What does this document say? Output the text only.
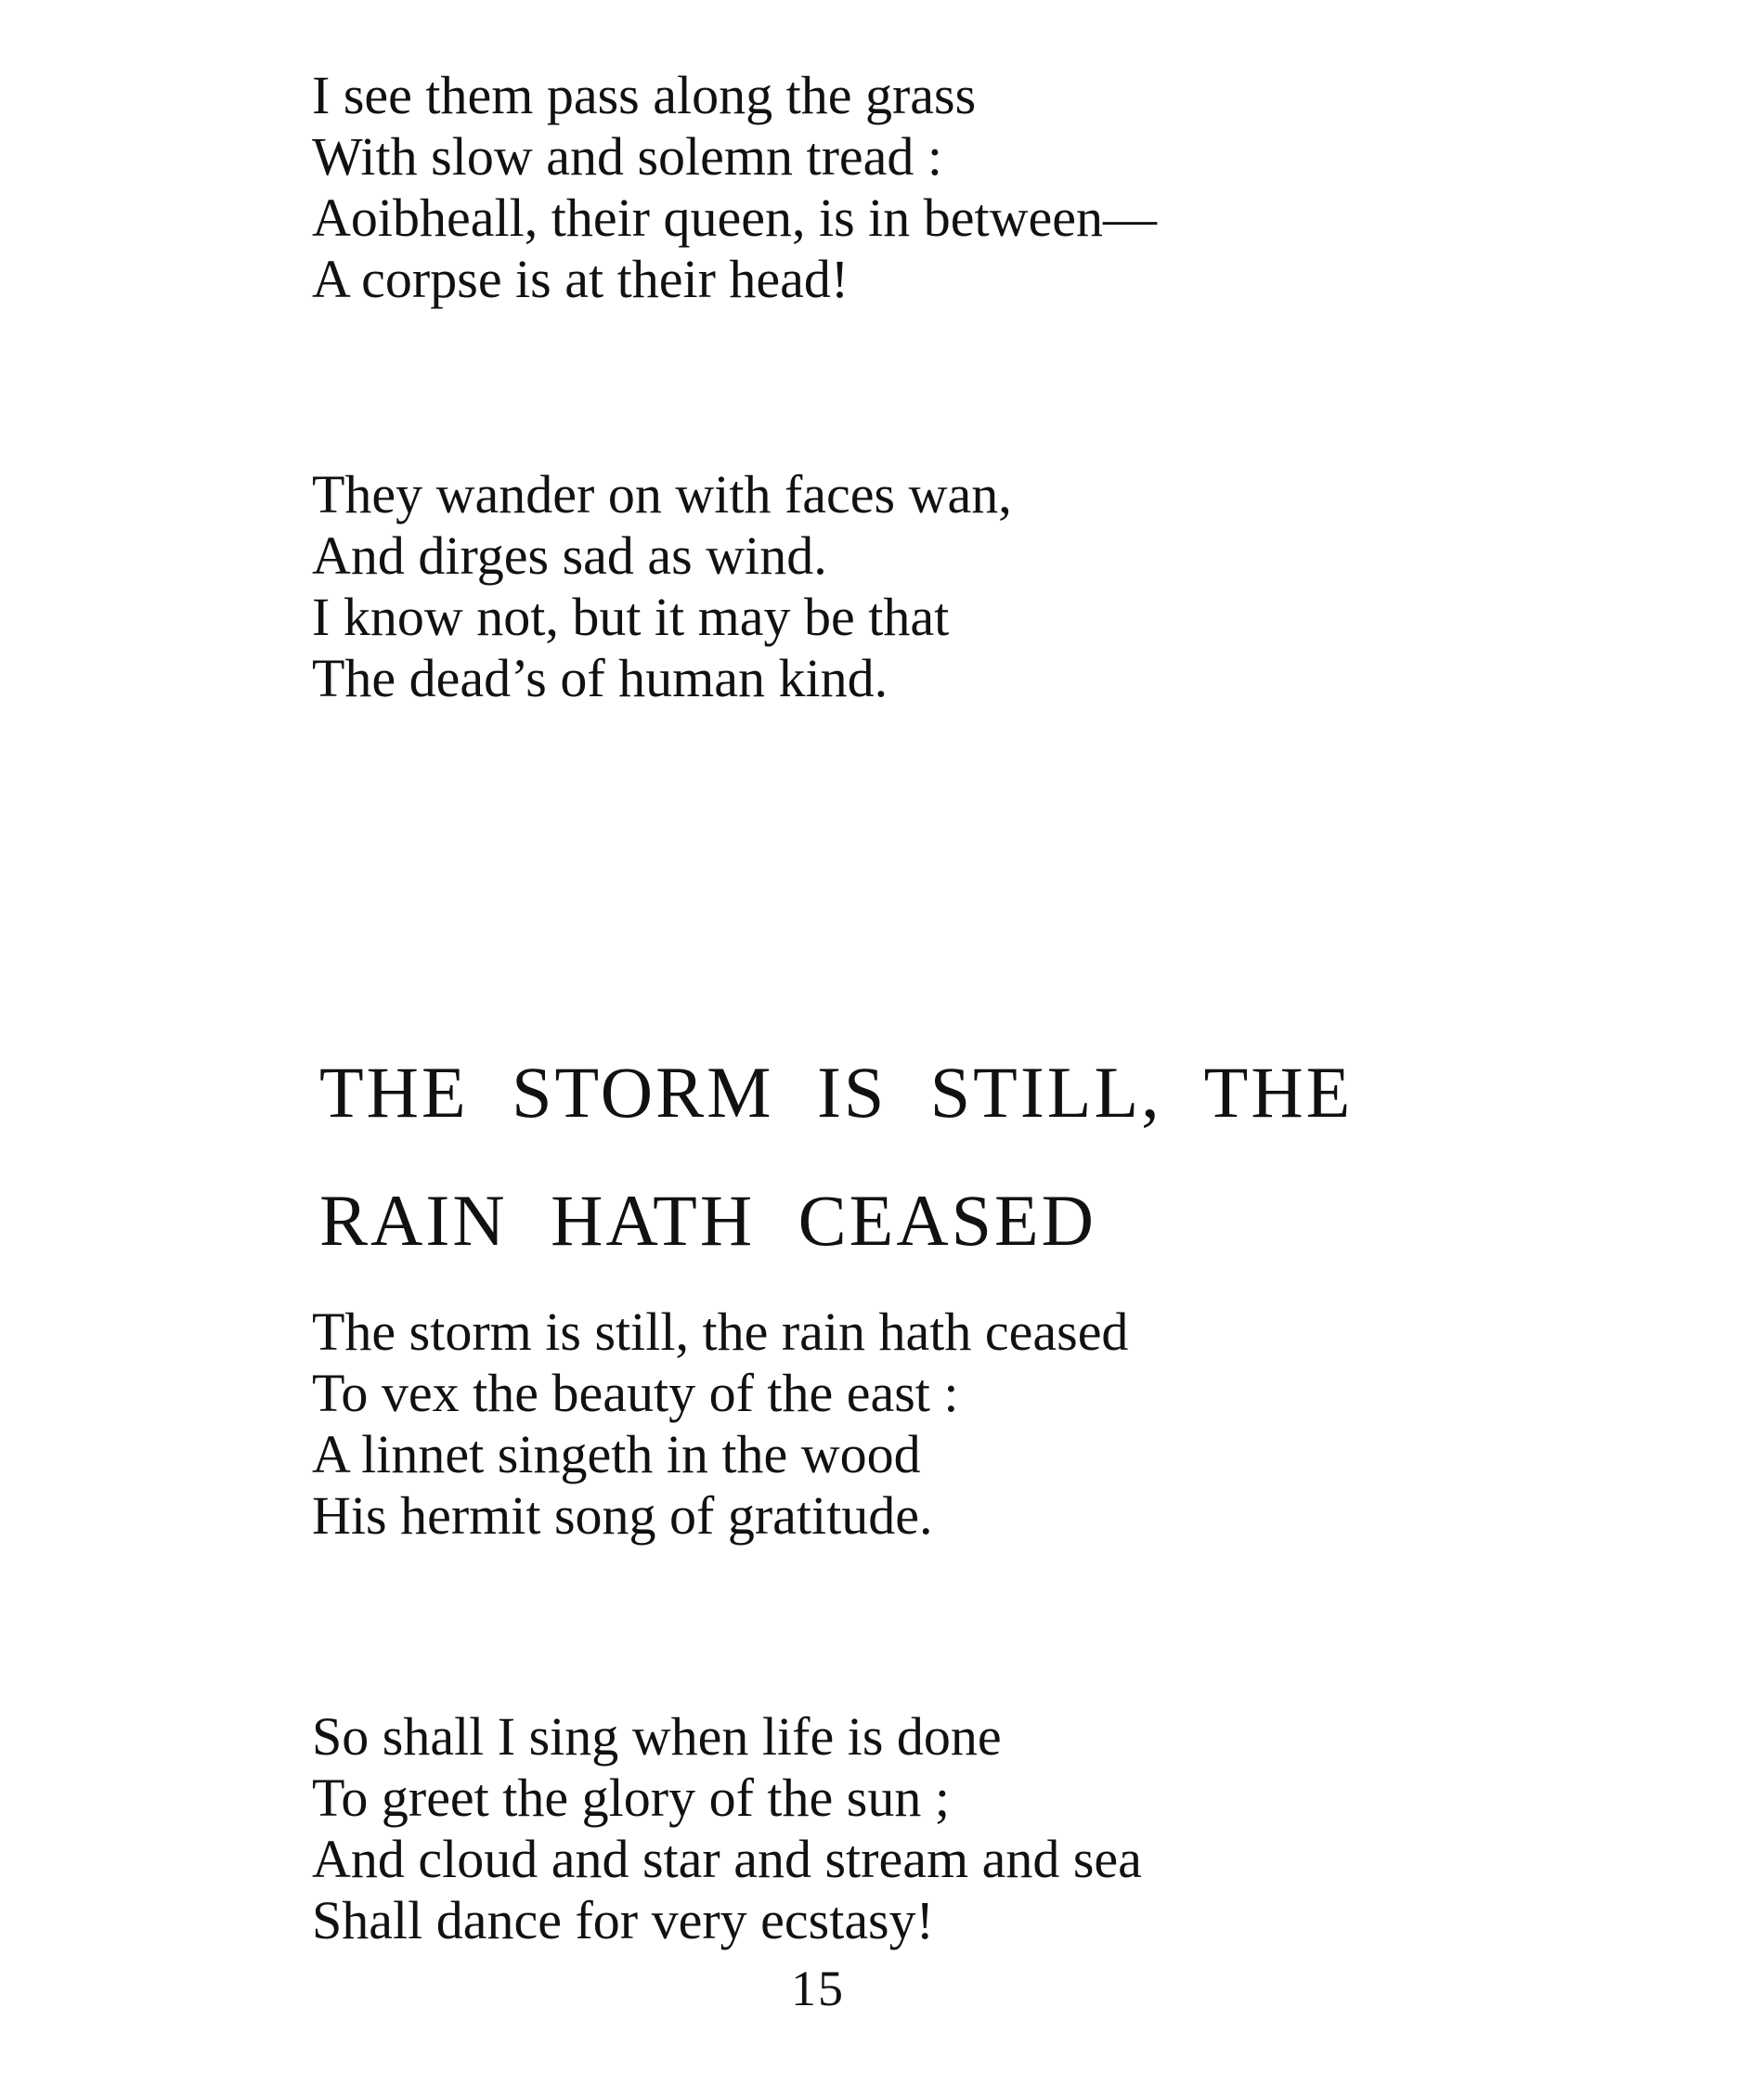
I see them pass along the grass
With slow and solemn tread :
Aoibheall, their queen, is in between—
A corpse is at their head!

They wander on with faces wan,
And dirges sad as wind.
I know not, but it may be that
The dead’s of human kind.

THE STORM IS STILL, THE
RAIN HATH CEASED

The storm is still, the rain hath ceased
To vex the beauty of the east :
A linnet singeth in the wood
His hermit song of gratitude.

So shall I sing when life is done
To greet the glory of the sun ;
And cloud and star and stream and sea
Shall dance for very ecstasy!

15
